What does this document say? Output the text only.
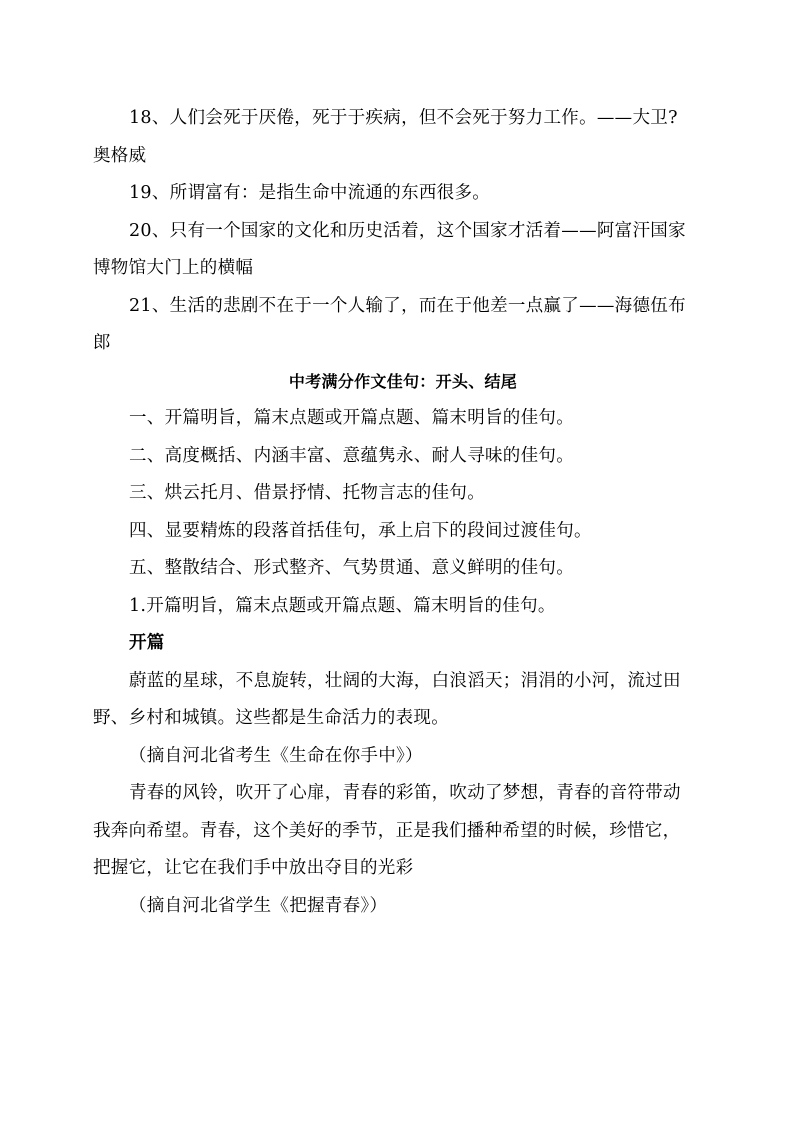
18、人们会死于厌倦，死于于疾病，但不会死于努力工作。——大卫?
奥格威
19、所谓富有：是指生命中流通的东西很多。
20、只有一个国家的文化和历史活着，这个国家才活着——阿富汗国家
博物馆大门上的横幅
21、生活的悲剧不在于一个人输了，而在于他差一点赢了——海德伍布
郎
中考满分作文佳句：开头、结尾
一、开篇明旨，篇末点题或开篇点题、篇末明旨的佳句。
二、高度概括、内涵丰富、意蕴隽永、耐人寻味的佳句。
三、烘云托月、借景抒情、托物言志的佳句。
四、显要精炼的段落首括佳句，承上启下的段间过渡佳句。
五、整散结合、形式整齐、气势贯通、意义鲜明的佳句。
1.开篇明旨，篇末点题或开篇点题、篇末明旨的佳句。
开篇
蔚蓝的星球，不息旋转，壮阔的大海，白浪滔天；涓涓的小河，流过田
野、乡村和城镇。这些都是生命活力的表现。
（摘自河北省考生《生命在你手中》）
青春的风铃，吹开了心扉，青春的彩笛，吹动了梦想，青春的音符带动
我奔向希望。青春，这个美好的季节，正是我们播种希望的时候，珍惜它，
把握它，让它在我们手中放出夺目的光彩
（摘自河北省学生《把握青春》）
